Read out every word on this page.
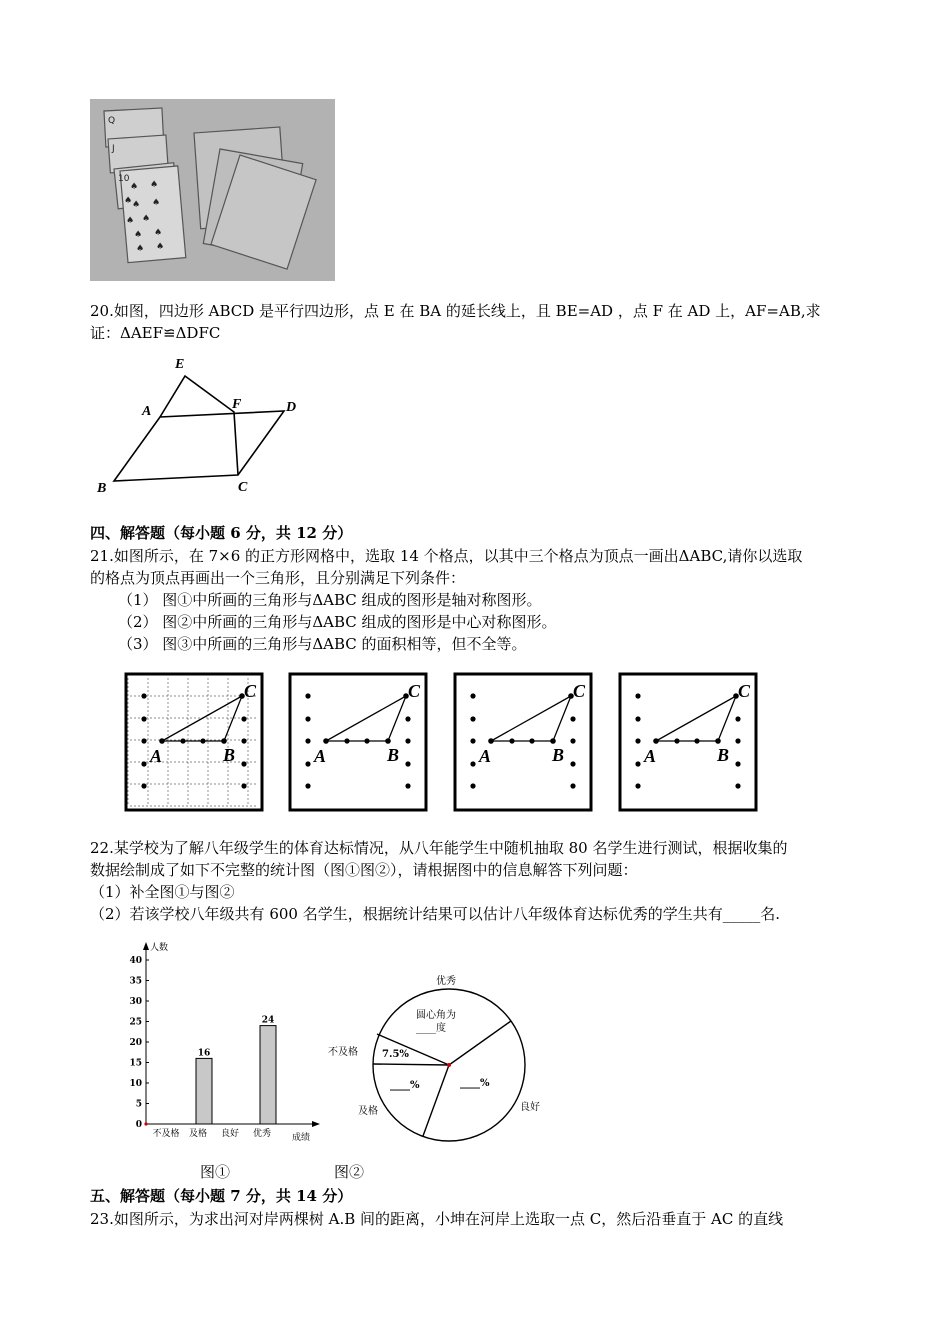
Q
J
10
♠ ♠
♠ ♠
♠
♠ ♠
♠ ♠
♠
♠
20.如图，四边形 ABCD 是平行四边形，点 E 在 BA 的延长线上，且 BE=AD ，点 F 在 AD 上，AF=AB,求
证：ΔAEF≌ΔDFC
E
A	F	D
B	C
四、解答题（每小题 6 分，共 12 分）
21.如图所示，在 7×6 的正方形网格中，选取 14 个格点，以其中三个格点为顶点一画出ΔABC,请你以选取
的格点为顶点再画出一个三角形，且分别满足下列条件：
（1） 图①中所画的三角形与ΔABC 组成的图形是轴对称图形。
（2） 图②中所画的三角形与ΔABC 组成的图形是中心对称图形。
（3） 图③中所画的三角形与ΔABC 的面积相等，但不全等。
A	B
C
A	B
C
A	B
C
A	B
C
22.某学校为了解八年级学生的体育达标情况，从八年能学生中随机抽取 80 名学生进行测试，根据收集的
数据绘制成了如下不完整的统计图（图①图②），请根据图中的信息解答下列问题：
（1）补全图①与图②
（2）若该学校八年级共有 600 名学生，根据统计结果可以估计八年级体育达标优秀的学生共有_____名.
人数
成绩
0
5
10
15
20
25
30
35
40
不及格 及格
16
良好 优秀
24
优秀
圆心角为
____度
不及格 7.5%
及格
____%
良好
____%
图①	图②
五、解答题（每小题 7 分，共 14 分）
23.如图所示，为求出河对岸两棵树 A.B 间的距离，小坤在河岸上选取一点 C，然后沿垂直于 AC 的直线
